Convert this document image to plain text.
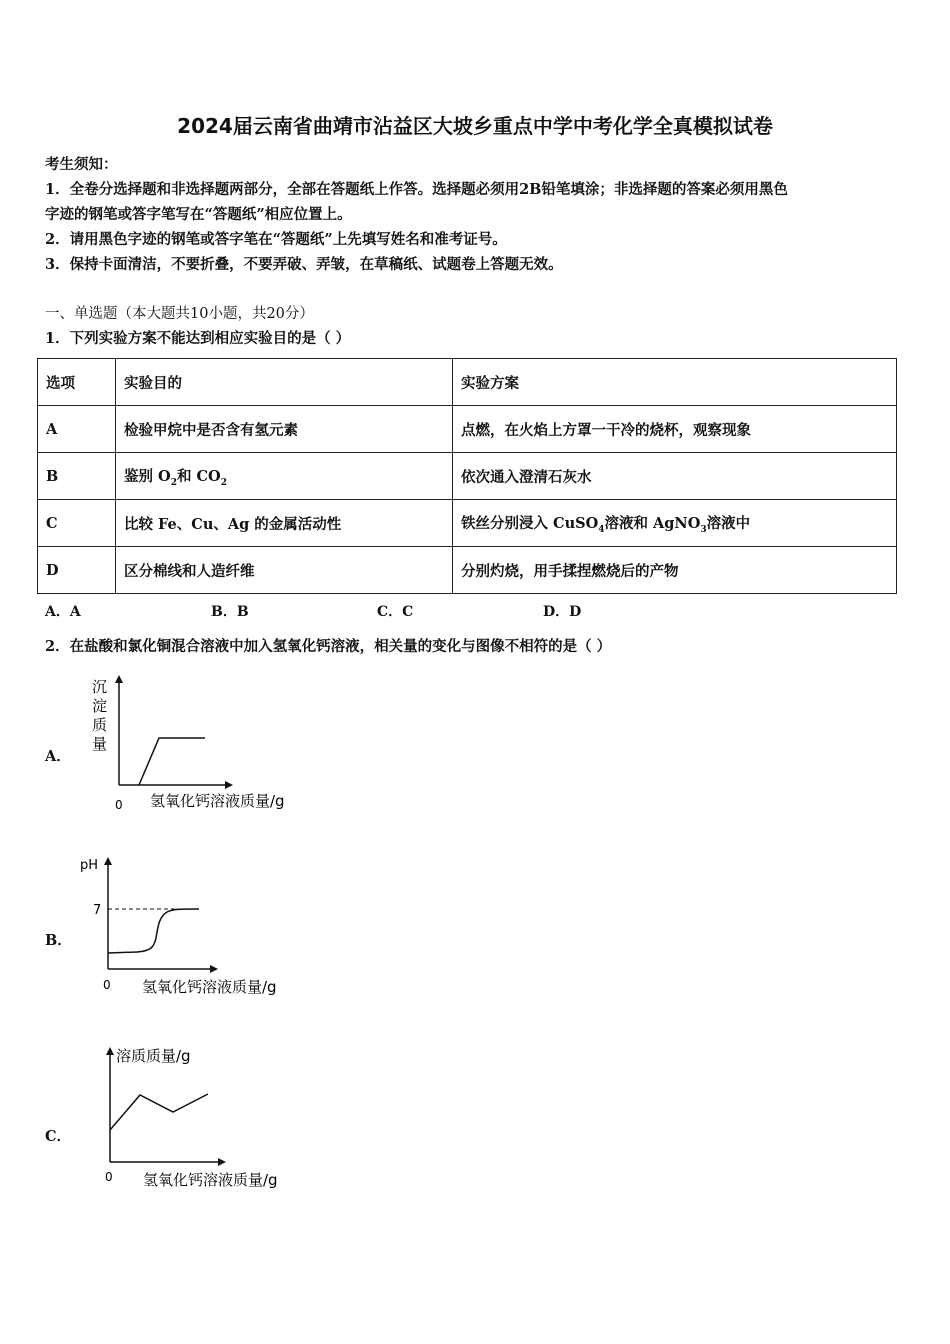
2024届云南省曲靖市沾益区大坡乡重点中学中考化学全真模拟试卷
考生须知：
1．全卷分选择题和非选择题两部分，全部在答题纸上作答。选择题必须用2B铅笔填涂；非选择题的答案必须用黑色
字迹的钢笔或答字笔写在“答题纸”相应位置上。
2．请用黑色字迹的钢笔或答字笔在“答题纸”上先填写姓名和准考证号。
3．保持卡面清洁，不要折叠，不要弄破、弄皱，在草稿纸、试题卷上答题无效。
一、单选题（本大题共10小题，共20分）
1．下列实验方案不能达到相应实验目的是（ ）
选项	实验目的	实验方案
A	检验甲烷中是否含有氢元素	点燃，在火焰上方罩一干冷的烧杯，观察现象
B	鉴别 $O_2$和 $CO_2$	依次通入澄清石灰水
C	比较 Fe、Cu、Ag 的金属活动性	铁丝分别浸入 CuSO$_4$溶液和 AgNO$_3$溶液中
D	区分棉线和人造纤维	分别灼烧，用手揉捏燃烧后的产物
A．A	B．B	C．C	D．D
2．在盐酸和氯化铜混合溶液中加入氢氧化钙溶液，相关量的变化与图像不相符的是（ ）
A．
沉
淀
质
量
0 氢氧化钙溶液质量/g
B．
pH
7
0 氢氧化钙溶液质量/g
C．
溶质质量/g
0 氢氧化钙溶液质量/g
